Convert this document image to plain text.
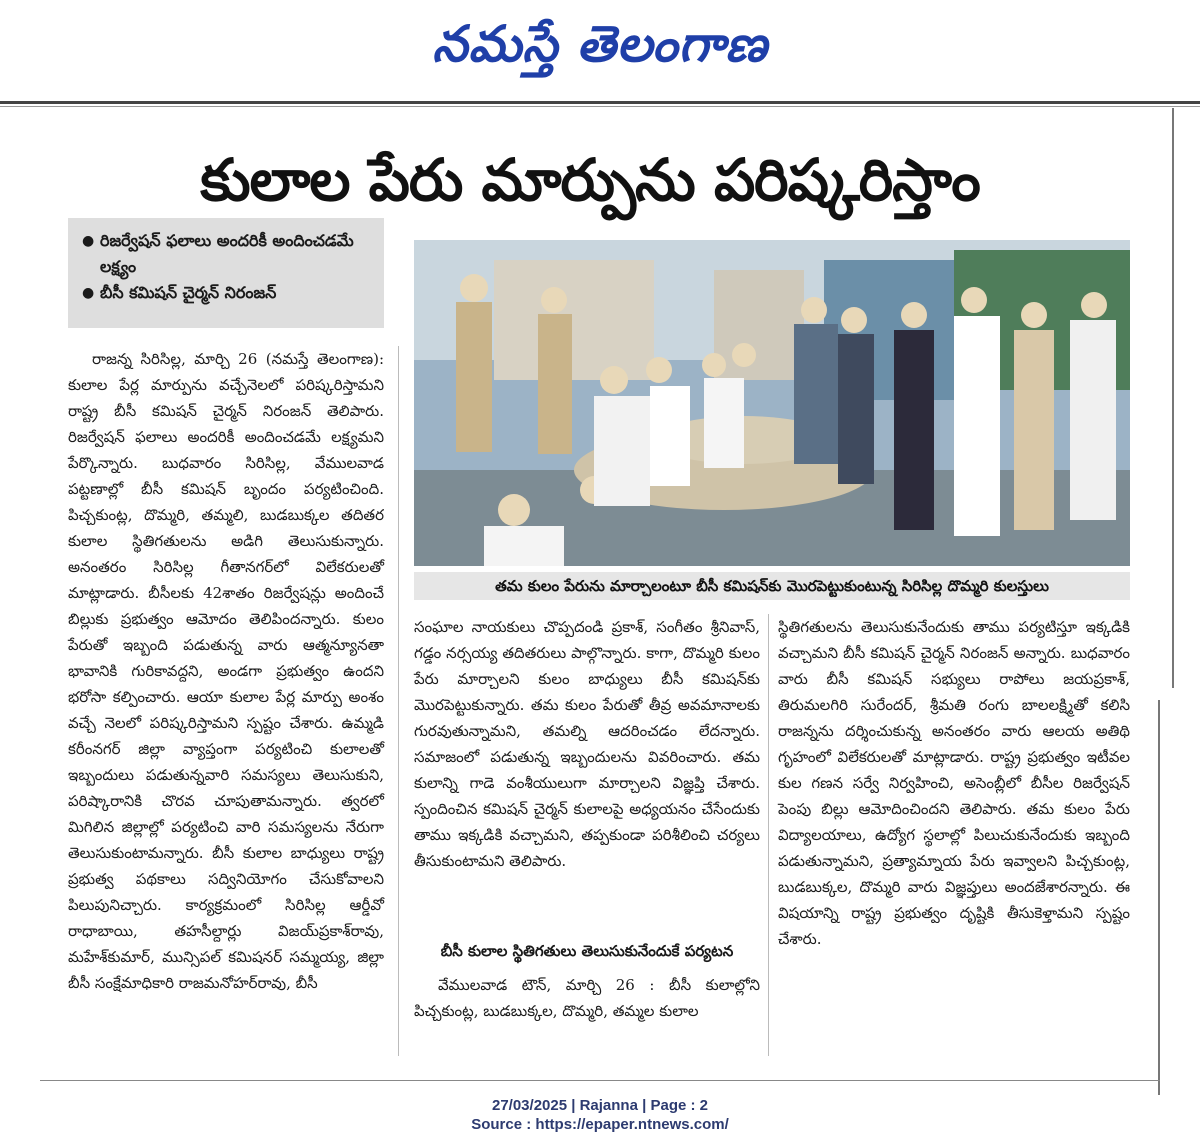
నమస్తే తెలంగాణ
కులాల పేరు మార్పును పరిష్కరిస్తాం
● రిజర్వేషన్ ఫలాలు అందరికీ అందించడమే లక్ష్యం
● బీసీ కమిషన్ చైర్మన్ నిరంజన్

రాజన్న సిరిసిల్ల, మార్చి 26 (నమస్తే తెలంగాణ): కులాల పేర్ల మార్పును వచ్చేనెలలో పరిష్కరిస్తామని రాష్ట్ర బీసీ కమిషన్ చైర్మన్ నిరంజన్ తెలిపారు. రిజర్వేషన్ ఫలాలు అందరికీ అందించడమే లక్ష్యమని పేర్కొన్నారు. బుధవారం సిరిసిల్ల, వేములవాడ పట్టణాల్లో బీసీ కమిషన్ బృందం పర్యటించింది. పిచ్చకుంట్ల, దొమ్మరి, తమ్మలి, బుడబుక్కల తదితర కులాల స్థితిగతులను అడిగి తెలుసుకున్నారు. అనంతరం సిరిసిల్ల గీతానగర్‌లో విలేకరులతో మాట్లాడారు. బీసీలకు 42శాతం రిజర్వేషన్లు అందించే బిల్లుకు ప్రభుత్వం ఆమోదం తెలిపిందన్నారు. కులం పేరుతో ఇబ్బంది పడుతున్న వారు ఆత్మన్యూనతా భావానికి గురికావద్దని, అండగా ప్రభుత్వం ఉందని భరోసా కల్పించారు. ఆయా కులాల పేర్ల మార్పు అంశం వచ్చే నెలలో పరిష్కరిస్తామని స్పష్టం చేశారు. ఉమ్మడి కరీంనగర్ జిల్లా వ్యాప్తంగా పర్యటించి కులాలతో ఇబ్బందులు పడుతున్నవారి సమస్యలు తెలుసుకుని, పరిష్కారానికి చొరవ చూపుతామన్నారు. త్వరలో మిగిలిన జిల్లాల్లో పర్యటించి వారి సమస్యలను నేరుగా తెలుసుకుంటామన్నారు. బీసీ కులాల బాధ్యులు రాష్ట్ర ప్రభుత్వ పథకాలు సద్వినియోగం చేసుకోవాలని పిలుపునిచ్చారు. కార్యక్రమంలో సిరిసిల్ల ఆర్డీవో రాధాబాయి, తహసీల్దార్లు విజయ్‌ప్రకాశ్‌రావు, మహేశ్‌కుమార్, మున్సిపల్ కమిషనర్ సమ్మయ్య, జిల్లా బీసీ సంక్షేమాధికారి రాజమనోహర్‌రావు, బీసీ

తమ కులం పేరును మార్చాలంటూ బీసీ కమిషన్‌కు మొరపెట్టుకుంటున్న సిరిసిల్ల దొమ్మరి కులస్తులు

సంఘాల నాయకులు చొప్పదండి ప్రకాశ్, సంగీతం శ్రీనివాస్, గడ్డం నర్సయ్య తదితరులు పాల్గొన్నారు. కాగా, దొమ్మరి కులం పేరు మార్చాలని కులం బాధ్యులు బీసీ కమిషన్‌కు మొరపెట్టుకున్నారు. తమ కులం పేరుతో తీవ్ర అవమానాలకు గురవుతున్నామని, తమల్ని ఆదరించడం లేదన్నారు. సమాజంలో పడుతున్న ఇబ్బందులను వివరించారు. తమ కులాన్ని గాడె వంశీయులుగా మార్చాలని విజ్ఞప్తి చేశారు. స్పందించిన కమిషన్ చైర్మన్ కులాలపై అధ్యయనం చేసేందుకు తాము ఇక్కడికి వచ్చామని, తప్పకుండా పరిశీలించి చర్యలు తీసుకుంటామని తెలిపారు.

బీసీ కులాల స్థితిగతులు తెలుసుకునేందుకే పర్యటన

వేములవాడ టౌన్, మార్చి 26 : బీసీ కులాల్లోని పిచ్చకుంట్ల, బుడబుక్కల, దొమ్మరి, తమ్మల కులాల

స్థితిగతులను తెలుసుకునేందుకు తాము పర్యటిస్తూ ఇక్కడికి వచ్చామని బీసీ కమిషన్ చైర్మన్ నిరంజన్ అన్నారు. బుధవారం వారు బీసీ కమిషన్ సభ్యులు రాపోలు జయప్రకాశ్, తిరుమలగిరి సురేందర్, శ్రీమతి రంగు బాలలక్ష్మితో కలిసి రాజన్నను దర్శించుకున్న అనంతరం వారు ఆలయ అతిథి గృహంలో విలేకరులతో మాట్లాడారు. రాష్ట్ర ప్రభుత్వం ఇటీవల కుల గణన సర్వే నిర్వహించి, అసెంబ్లీలో బీసీల రిజర్వేషన్ పెంపు బిల్లు ఆమోదించిందని తెలిపారు. తమ కులం పేరు విద్యాలయాలు, ఉద్యోగ స్థలాల్లో పిలుచుకునేందుకు ఇబ్బంది పడుతున్నామని, ప్రత్యామ్నాయ పేరు ఇవ్వాలని పిచ్చకుంట్ల, బుడబుక్కల, దొమ్మరి వారు విజ్ఞప్తులు అందజేశారన్నారు. ఈ విషయాన్ని రాష్ట్ర ప్రభుత్వం దృష్టికి తీసుకెళ్తామని స్పష్టం చేశారు.

27/03/2025 | Rajanna | Page : 2
Source : https://epaper.ntnews.com/
